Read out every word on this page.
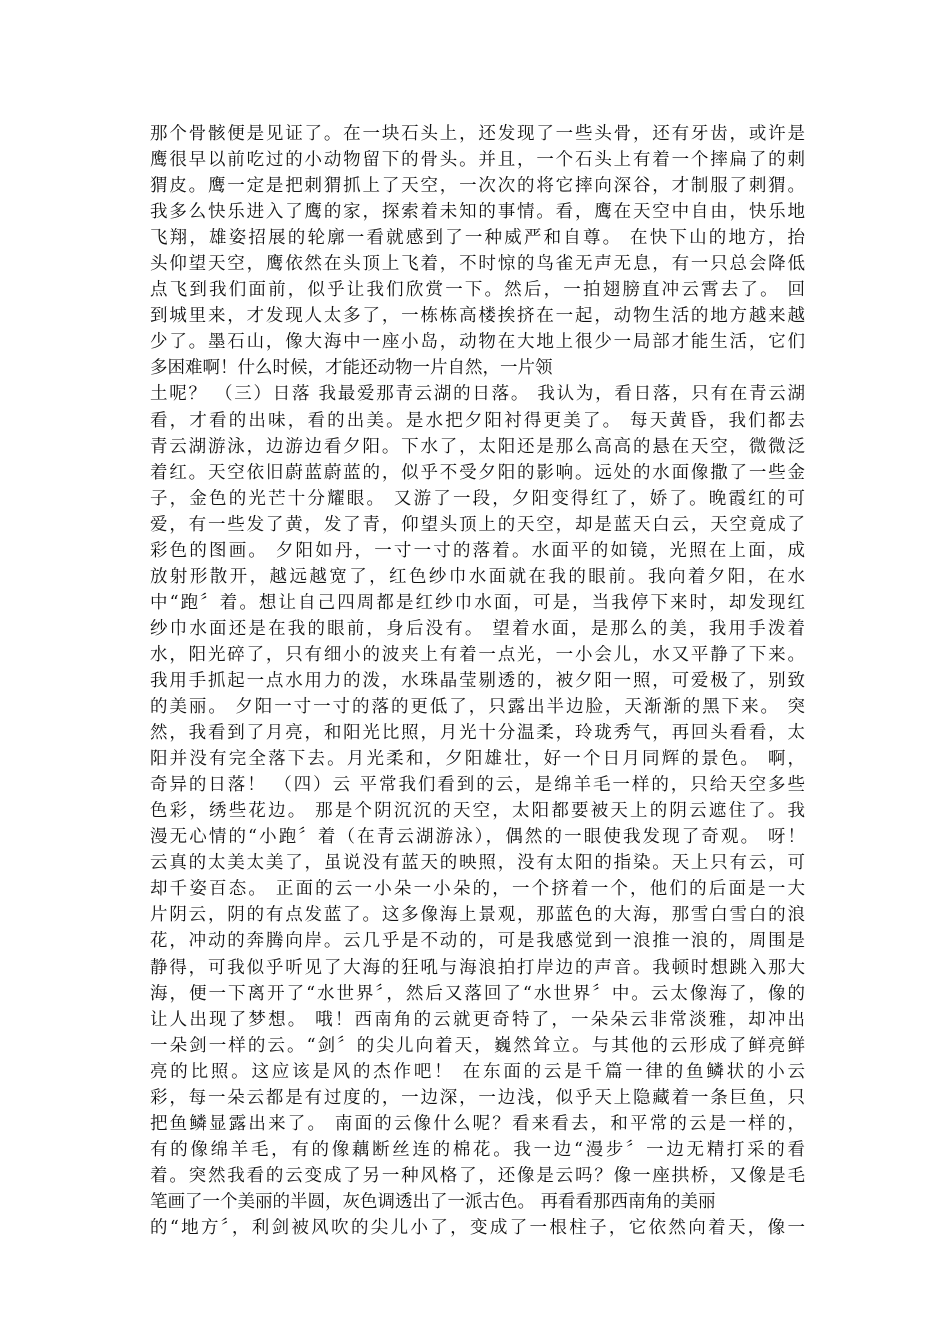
那个骨骸便是见证了。在一块石头上，还发现了一些头骨，还有牙齿，或许是
鹰很早以前吃过的小动物留下的骨头。并且，一个石头上有着一个摔扁了的刺
猬皮。鹰一定是把刺猬抓上了天空，一次次的将它摔向深谷，才制服了刺猬。
我多么快乐进入了鹰的家，探索着未知的事情。看，鹰在天空中自由，快乐地
飞翔，雄姿招展的轮廓一看就感到了一种威严和自尊。 在快下山的地方，抬
头仰望天空，鹰依然在头顶上飞着，不时惊的鸟雀无声无息，有一只总会降低
点飞到我们面前，似乎让我们欣赏一下。然后，一拍翅膀直冲云霄去了。 回
到城里来，才发现人太多了，一栋栋高楼挨挤在一起，动物生活的地方越来越
少了。墨石山，像大海中一座小岛，动物在大地上很少一局部才能生活，它们
多困难啊！什么时候，才能还动物一片自然，一片领
土呢？ （三）日落 我最爱那青云湖的日落。 我认为，看日落，只有在青云湖
看，才看的出味，看的出美。是水把夕阳衬得更美了。 每天黄昏，我们都去
青云湖游泳，边游边看夕阳。下水了，太阳还是那么高高的悬在天空，微微泛
着红。天空依旧蔚蓝蔚蓝的，似乎不受夕阳的影响。远处的水面像撒了一些金
子，金色的光芒十分耀眼。 又游了一段，夕阳变得红了，娇了。晚霞红的可
爱，有一些发了黄，发了青，仰望头顶上的天空，却是蓝天白云，天空竟成了
彩色的图画。 夕阳如丹，一寸一寸的落着。水面平的如镜，光照在上面，成
放射形散开，越远越宽了，红色纱巾水面就在我的眼前。我向着夕阳，在水
中“跑〞着。想让自己四周都是红纱巾水面，可是，当我停下来时，却发现红
纱巾水面还是在我的眼前，身后没有。 望着水面，是那么的美，我用手泼着
水，阳光碎了，只有细小的波夹上有着一点光，一小会儿，水又平静了下来。
我用手抓起一点水用力的泼，水珠晶莹剔透的，被夕阳一照，可爱极了，别致
的美丽。 夕阳一寸一寸的落的更低了，只露出半边脸，天渐渐的黑下来。 突
然，我看到了月亮，和阳光比照，月光十分温柔，玲珑秀气，再回头看看，太
阳并没有完全落下去。月光柔和，夕阳雄壮，好一个日月同辉的景色。 啊，
奇异的日落！ （四）云 平常我们看到的云，是绵羊毛一样的，只给天空多些
色彩，绣些花边。 那是个阴沉沉的天空，太阳都要被天上的阴云遮住了。我
漫无心情的“小跑〞着（在青云湖游泳），偶然的一眼使我发现了奇观。 呀！
云真的太美太美了，虽说没有蓝天的映照，没有太阳的指染。天上只有云，可
却千姿百态。 正面的云一小朵一小朵的，一个挤着一个，他们的后面是一大
片阴云，阴的有点发蓝了。这多像海上景观，那蓝色的大海，那雪白雪白的浪
花，冲动的奔腾向岸。云几乎是不动的，可是我感觉到一浪推一浪的，周围是
静得，可我似乎听见了大海的狂吼与海浪拍打岸边的声音。我顿时想跳入那大
海，便一下离开了“水世界〞，然后又落回了“水世界〞中。云太像海了，像的
让人出现了梦想。 哦！西南角的云就更奇特了，一朵朵云非常淡雅，却冲出
一朵剑一样的云。“剑〞的尖儿向着天，巍然耸立。与其他的云形成了鲜亮鲜
亮的比照。这应该是风的杰作吧！ 在东面的云是千篇一律的鱼鳞状的小云
彩，每一朵云都是有过度的，一边深，一边浅，似乎天上隐藏着一条巨鱼，只
把鱼鳞显露出来了。 南面的云像什么呢？看来看去，和平常的云是一样的，
有的像绵羊毛，有的像藕断丝连的棉花。我一边“漫步〞一边无精打采的看
着。突然我看的云变成了另一种风格了，还像是云吗？像一座拱桥，又像是毛
笔画了一个美丽的半圆，灰色调透出了一派古色。 再看看那西南角的美丽
的“地方〞，利剑被风吹的尖儿小了，变成了一根柱子，它依然向着天，像一
